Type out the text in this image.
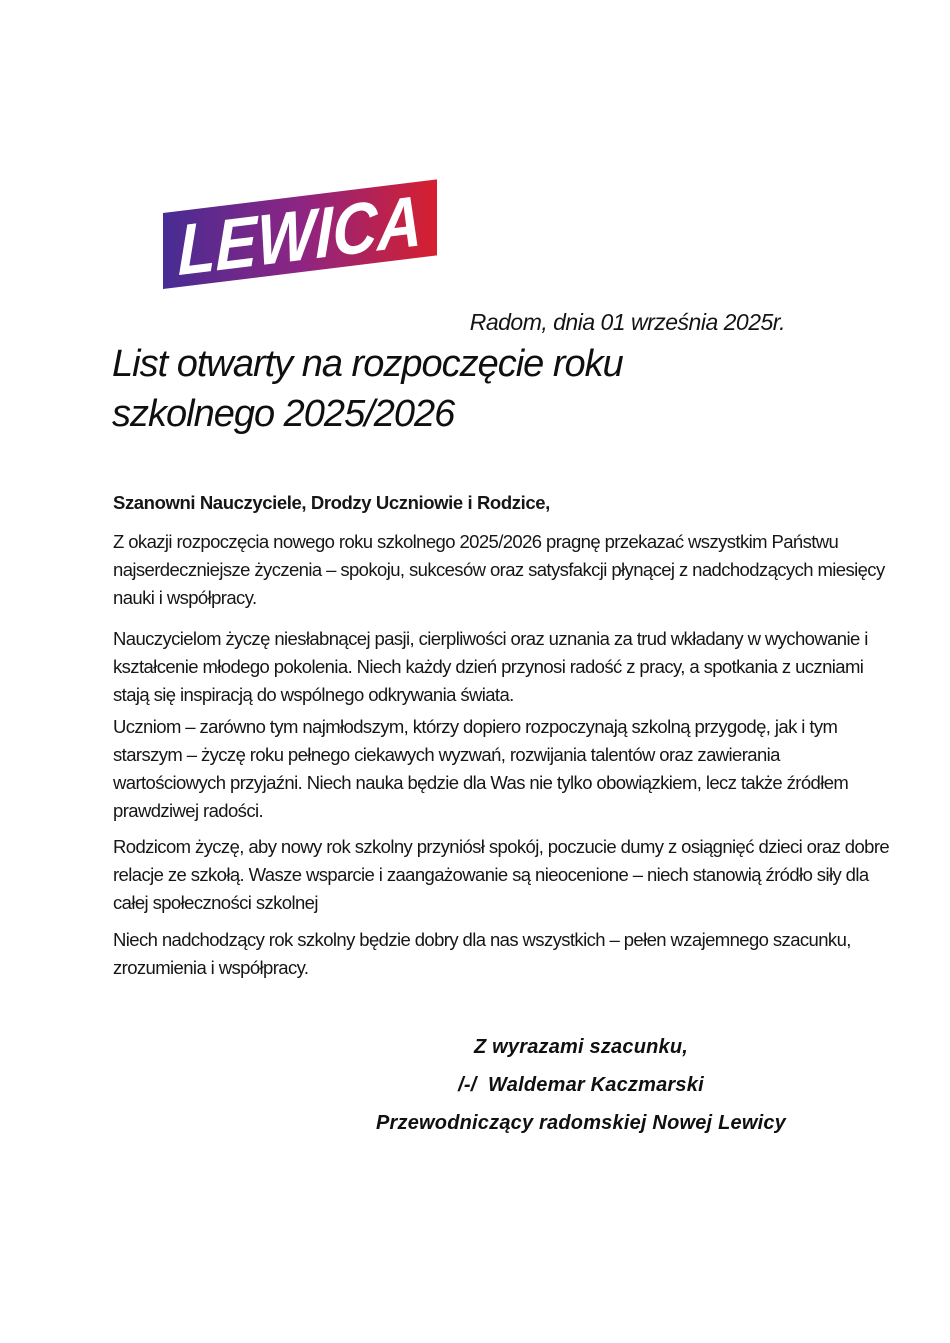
LEWICA
Radom, dnia 01 września 2025r.
List otwarty na rozpoczęcie roku
szkolnego 2025/2026
Szanowni Nauczyciele, Drodzy Uczniowie i Rodzice,

Z okazji rozpoczęcia nowego roku szkolnego 2025/2026 pragnę przekazać wszystkim Państwu najserdeczniejsze życzenia – spokoju, sukcesów oraz satysfakcji płynącej z nadchodzących miesięcy nauki i współpracy.

Nauczycielom życzę niesłabnącej pasji, cierpliwości oraz uznania za trud wkładany w wychowanie i kształcenie młodego pokolenia. Niech każdy dzień przynosi radość z pracy, a spotkania z uczniami stają się inspiracją do wspólnego odkrywania świata.

Uczniom – zarówno tym najmłodszym, którzy dopiero rozpoczynają szkolną przygodę, jak i tym starszym – życzę roku pełnego ciekawych wyzwań, rozwijania talentów oraz zawierania wartościowych przyjaźni. Niech nauka będzie dla Was nie tylko obowiązkiem, lecz także źródłem prawdziwej radości.

Rodzicom życzę, aby nowy rok szkolny przyniósł spokój, poczucie dumy z osiągnięć dzieci oraz dobre relacje ze szkołą. Wasze wsparcie i zaangażowanie są nieocenione – niech stanowią źródło siły dla całej społeczności szkolnej

Niech nadchodzący rok szkolny będzie dobry dla nas wszystkich – pełen wzajemnego szacunku, zrozumienia i współpracy.

Z wyrazami szacunku,
/-/  Waldemar Kaczmarski
Przewodniczący radomskiej Nowej Lewicy
